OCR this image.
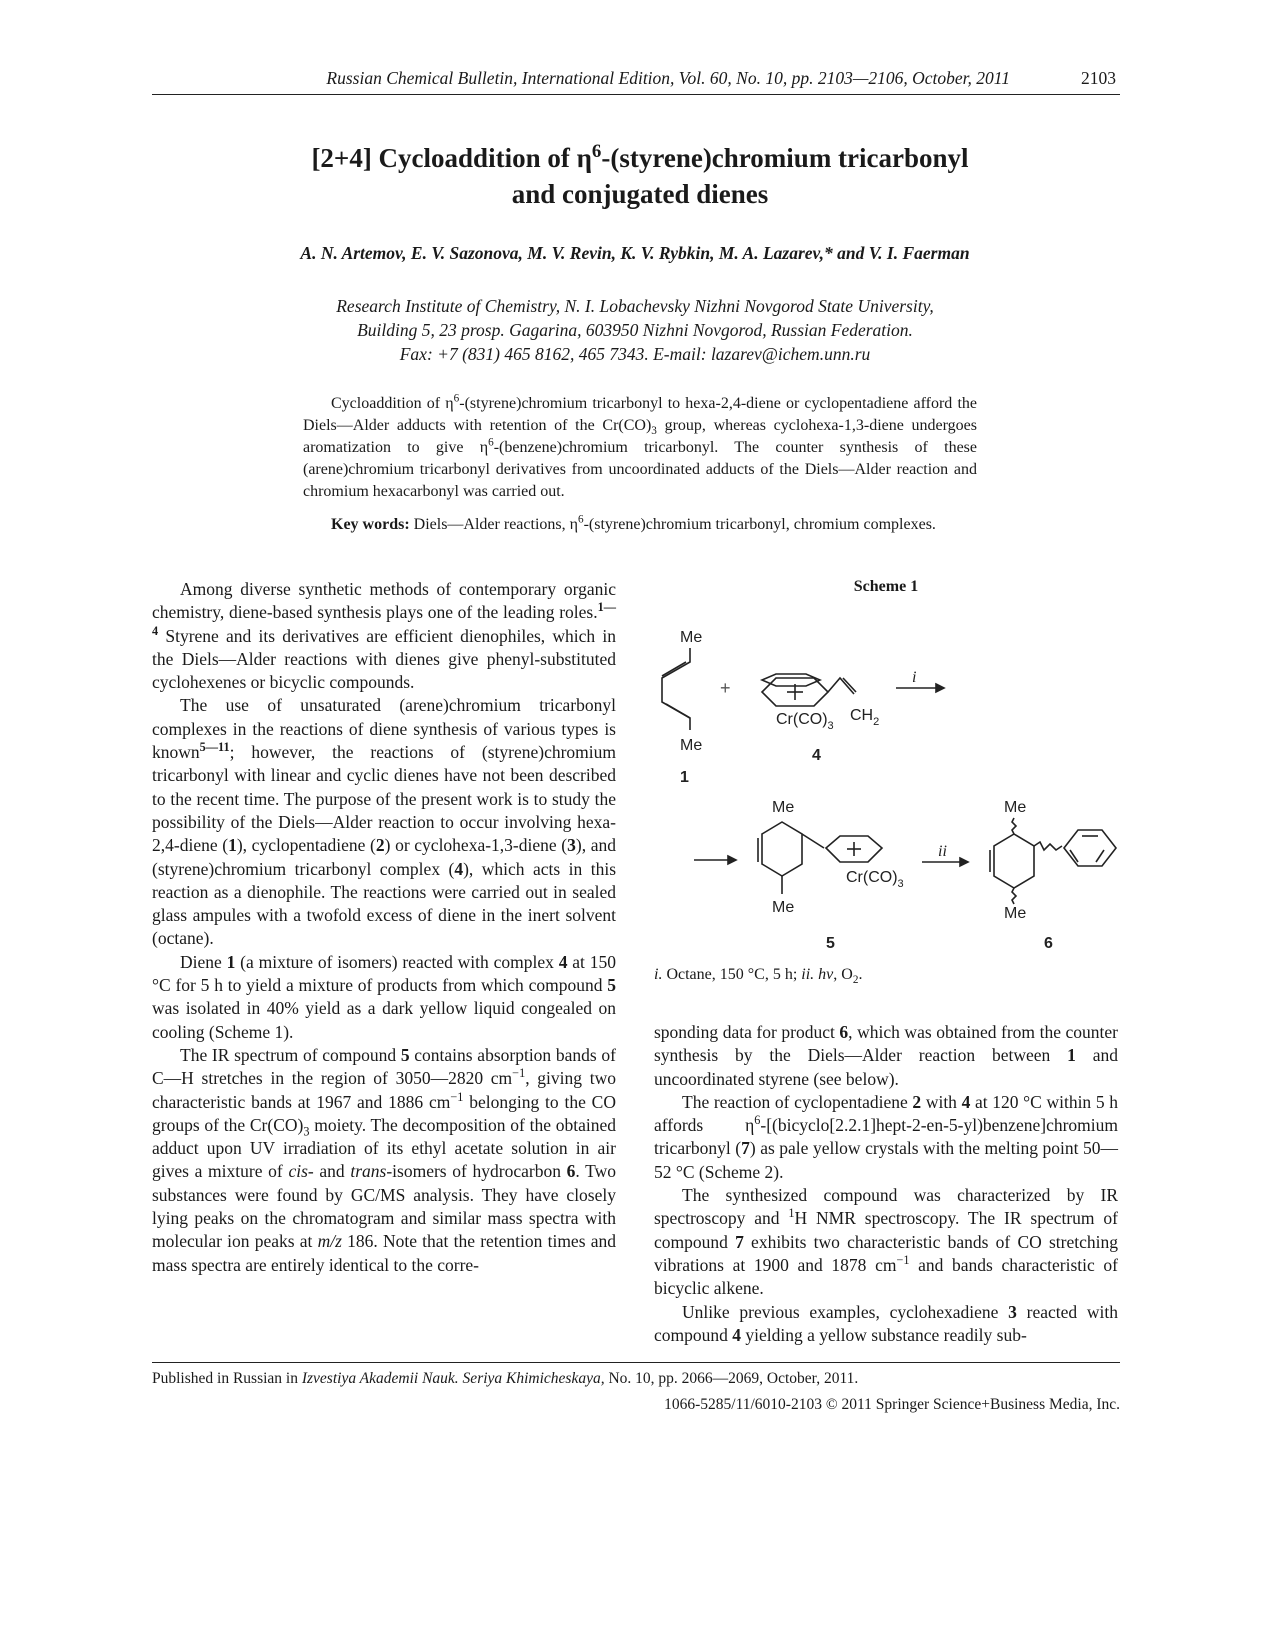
Russian Chemical Bulletin, International Edition, Vol. 60, No. 10, pp. 2103—2106, October, 2011	2103
[2+4] Cycloaddition of $\eta^6-(styrene)chromium$ tricarbonyl
and conjugated dienes
A. N. Artemov, E. V. Sazonova, M. V. Revin, K. V. Rybkin, M. A. Lazarev,* and V. I. Faerman
Research Institute of Chemistry, N. I. Lobachevsky Nizhni Novgorod State University,
Building 5, 23 prosp. Gagarina, 603950 Nizhni Novgorod, Russian Federation.
Fax: +7 (831) 465 8162, 465 7343. E-mail: lazarev@ichem.unn.ru

Cycloaddition of $\eta^6-(styrene)chromium$ tricarbonyl to hexa-2,4-diene or cyclopentadiene afford the Diels—Alder adducts with retention of the $Cr(CO)_3$ group, whereas cyclohexa-1,3-diene undergoes aromatization to give $\eta^6-(benzene)chromium$ tricarbonyl. The counter synthesis of these (arene)chromium tricarbonyl derivatives from uncoordinated adducts of the Diels—Alder reaction and chromium hexacarbonyl was carried out.

Key words: Diels—Alder reactions, $\eta^6-(styrene)chromium$ tricarbonyl, chromium complexes.

Among diverse synthetic methods of contemporary organic chemistry, diene-based synthesis plays one of the leading roles.$^{1—4}$ Styrene and its derivatives are efficient dienophiles, which in the Diels—Alder reactions with dienes give phenyl-substituted cyclohexenes or bicyclic compounds.

The use of unsaturated (arene)chromium tricarbonyl complexes in the reactions of diene synthesis of various types is known$^{5—11}$; however, the reactions of (styrene)chromium tricarbonyl with linear and cyclic dienes have not been described to the recent time. The purpose of the present work is to study the possibility of the Diels—Alder reaction to occur involving hexa-2,4-diene (1), cyclopentadiene (2) or cyclohexa-1,3-diene (3), and (styrene)chromium tricarbonyl complex (4), which acts in this reaction as a dienophile. The reactions were carried out in sealed glass ampules with a twofold excess of diene in the inert solvent (octane).

Diene 1 (a mixture of isomers) reacted with complex 4 at 150 °C for 5 h to yield a mixture of products from which compound 5 was isolated in 40% yield as a dark yellow liquid congealed on cooling (Scheme 1).

The IR spectrum of compound 5 contains absorption bands of C—H stretches in the region of 3050—2820 $cm^{-1}$, giving two characteristic bands at 1967 and 1886 $cm^{-1}$ belonging to the CO groups of the $Cr(CO)_3$ moiety. The decomposition of the obtained adduct upon UV irradiation of its ethyl acetate solution in air gives a mixture of cis- and trans-isomers of hydrocarbon 6. Two substances were found by GC/MS analysis. They have closely lying peaks on the chromatogram and similar mass spectra with molecular ion peaks at m/z 186. Note that the retention times and mass spectra are entirely identical to the corre-

Scheme 1
Me
Me
1
+
$Cr(CO)_3$
$CH_2$
4
i
Me
Me
$Cr(CO)_3$
5
ii
Me
Me
6
i. Octane, 150 °C, 5 h; ii. hν, $O_2$.

sponding data for product 6, which was obtained from the counter synthesis by the Diels—Alder reaction between 1 and uncoordinated styrene (see below).

The reaction of cyclopentadiene 2 with 4 at 120 °C within 5 h affords $\eta^6-[(bicyclo[2.2.1]hept-2-en-5-yl)benzene]chromium$ tricarbonyl (7) as pale yellow crystals with the melting point 50—52 °C (Scheme 2).

The synthesized compound was characterized by IR spectroscopy and $^1$H NMR spectroscopy. The IR spectrum of compound 7 exhibits two characteristic bands of CO stretching vibrations at 1900 and 1878 $cm^{-1}$ and bands characteristic of bicyclic alkene.

Unlike previous examples, cyclohexadiene 3 reacted with compound 4 yielding a yellow substance readily sub-

Published in Russian in Izvestiya Akademii Nauk. Seriya Khimicheskaya, No. 10, pp. 2066—2069, October, 2011.
1066-5285/11/6010-2103 © 2011 Springer Science+Business Media, Inc.
